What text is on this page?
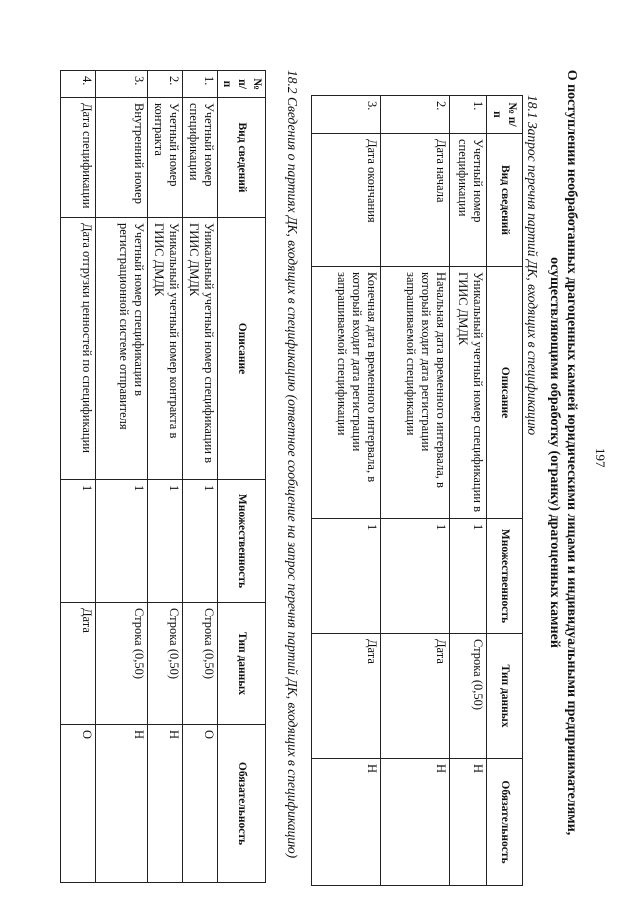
197
О поступлении необработанных драгоценных камней юридическими лицами и индивидуальными предпринимателями, осуществляющими обработку (огранку) драгоценных камней
18.1 Запрос перечня партий ДК, входящих в спецификацию
№ п/п	Вид сведений	Описание	Множественность	Тип данных	Обязательность
1.	Учетный номер спецификации	Уникальный учетный номер спецификации в ГИИС ДМДК	1	Строка (0,50)	Н
2.	Дата начала	Начальная дата временного интервала, в который входит дата регистрации запрашиваемой спецификации	1	Дата	Н
3.	Дата окончания	Конечная дата временного интервала, в который входит дата регистрации запрашиваемой спецификации	1	Дата	Н
18.2 Сведения о партиях ДК, входящих в спецификацию (ответное сообщение на запрос перечня партий ДК, входящих в спецификацию)
№ п/п	Вид сведений	Описание	Множественность	Тип данных	Обязательность
1.	Учетный номер спецификации	Уникальный учетный номер спецификации в ГИИС ДМДК	1	Строка (0,50)	О
2.	Учетный номер контракта	Уникальный учетный номер контракта в ГИИС ДМДК	1	Строка (0,50)	Н
3.	Внутренний номер	Учетный номер спецификации в регистрационной системе отправителя	1	Строка (0,50)	Н
4.	Дата спецификации	Дата отгрузки ценностей по спецификации	1	Дата	О
